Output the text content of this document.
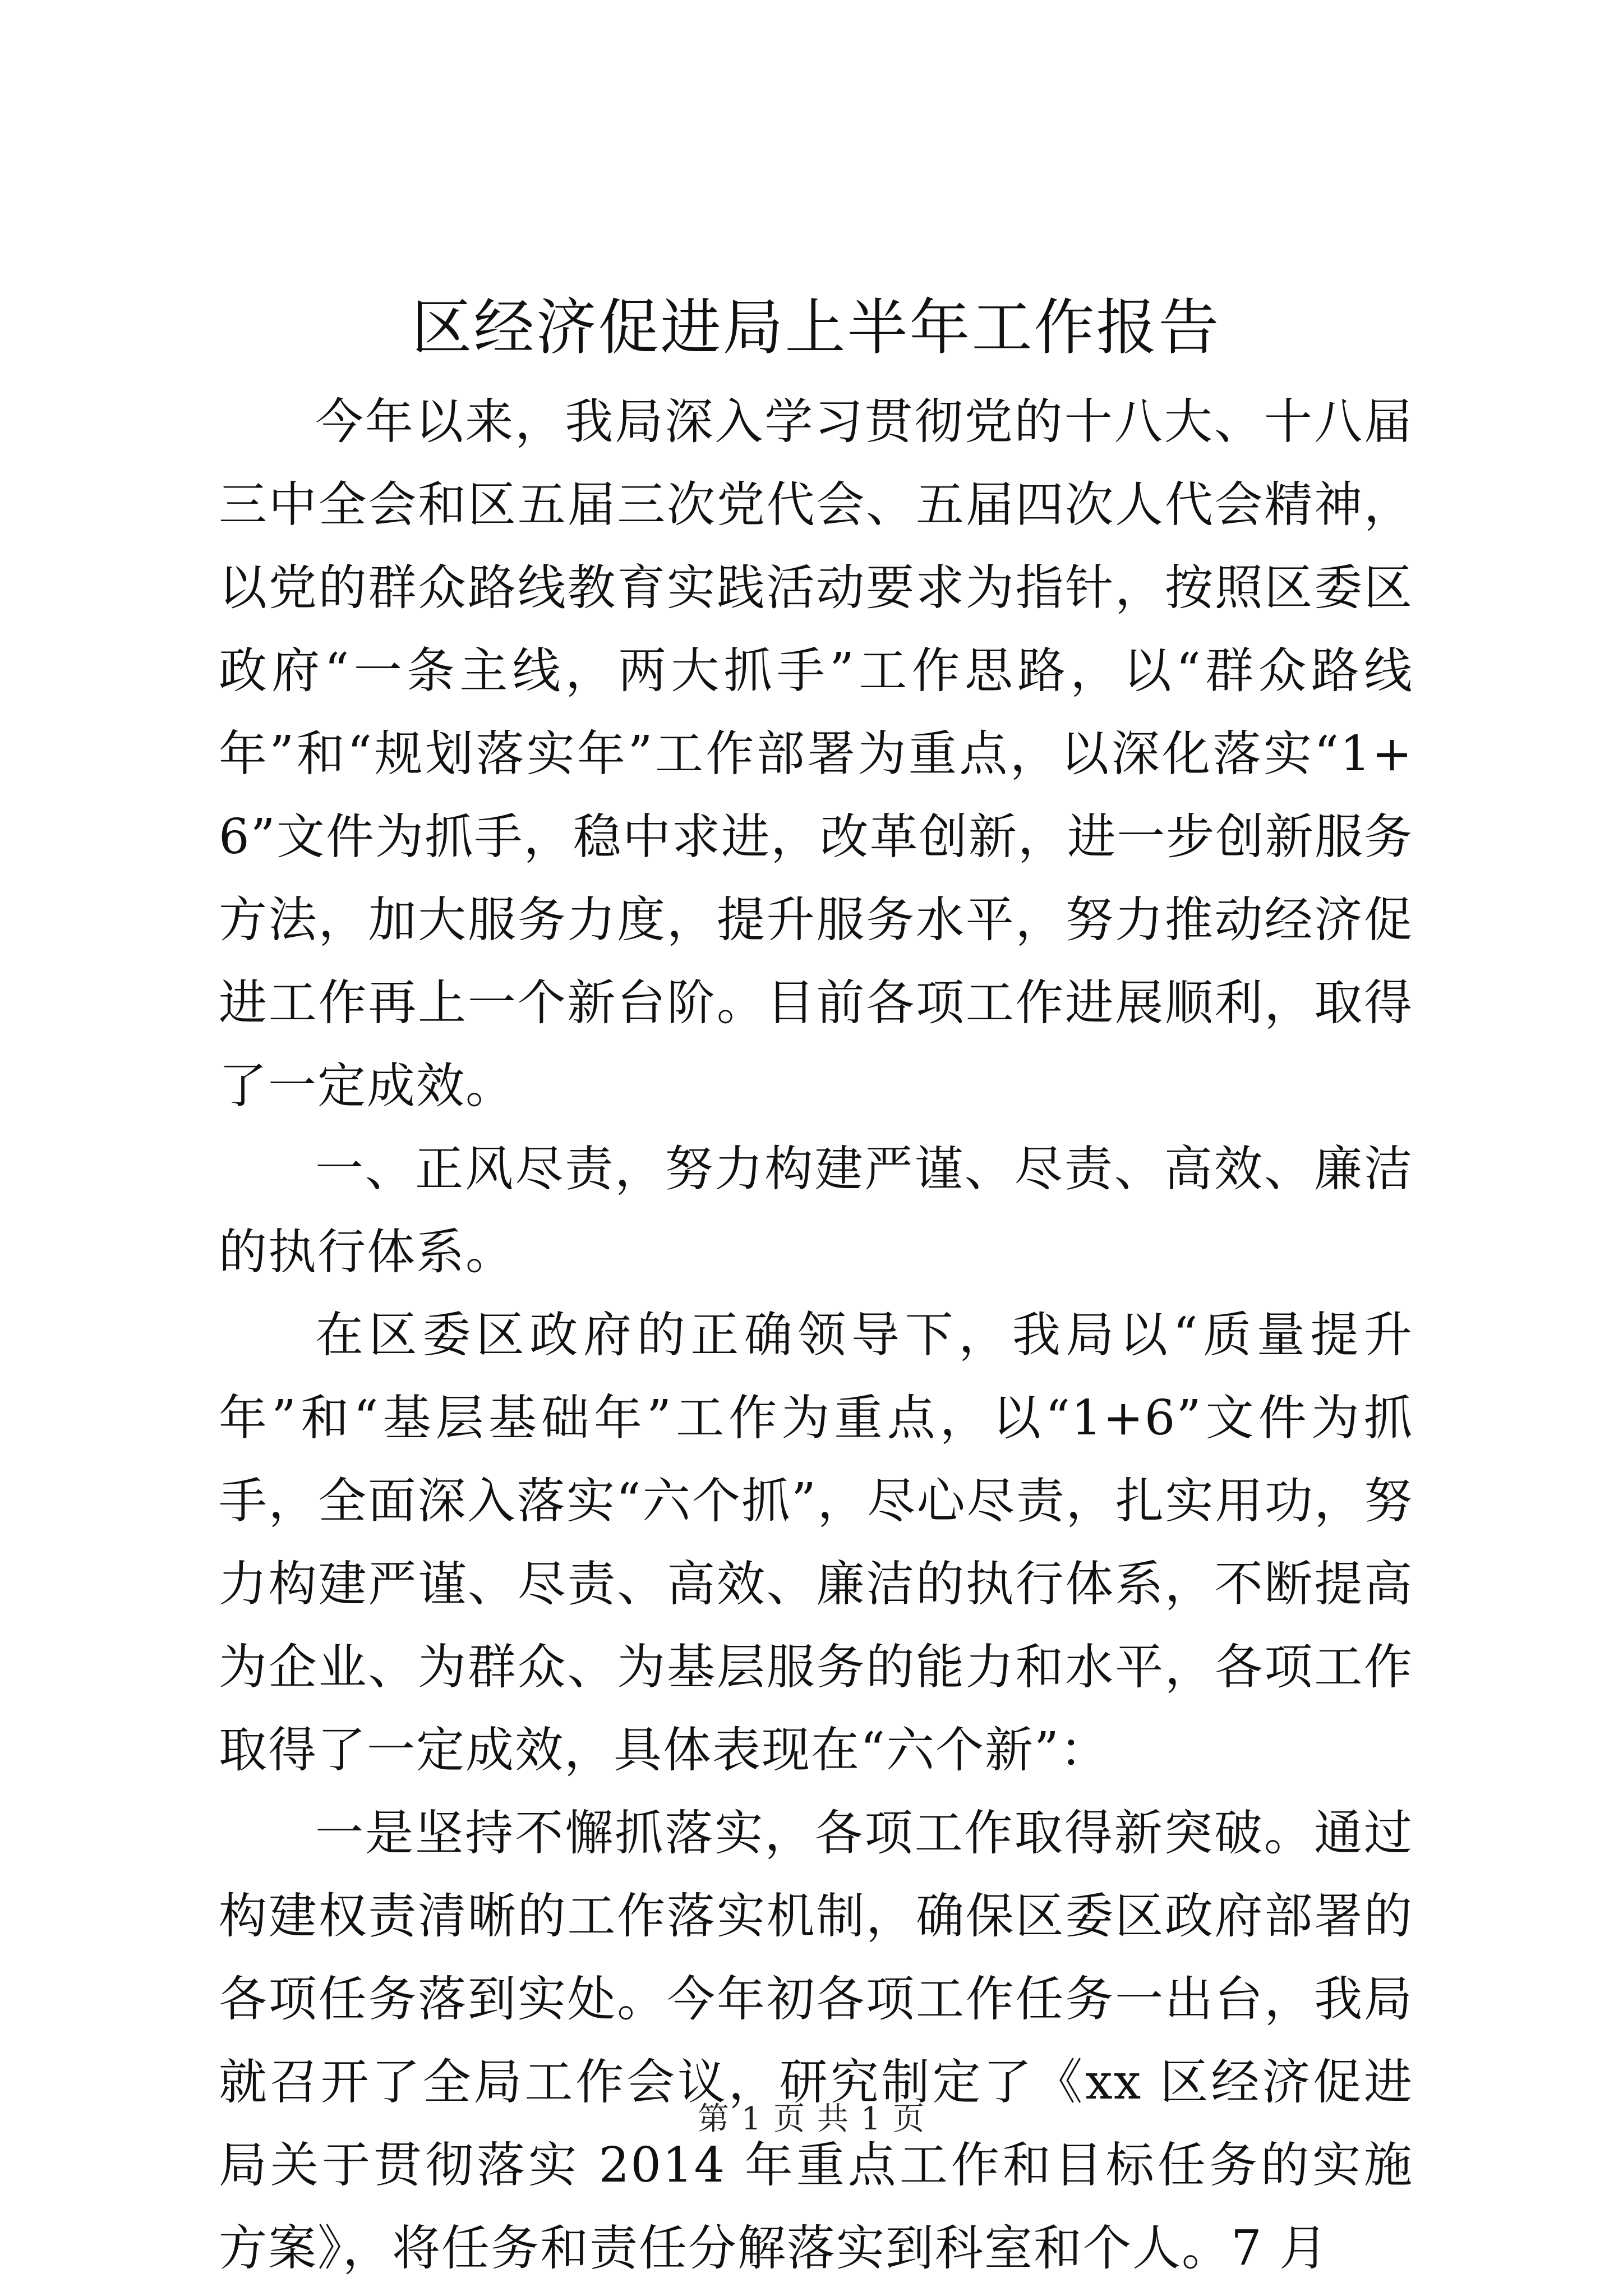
区经济促进局上半年工作报告

今年以来，我局深入学习贯彻党的十八大、十八届三中全会和区五届三次党代会、五届四次人代会精神，以党的群众路线教育实践活动要求为指针，按照区委区政府“一条主线，两大抓手”工作思路，以“群众路线年”和“规划落实年”工作部署为重点，以深化落实“1+6”文件为抓手，稳中求进，改革创新，进一步创新服务方法，加大服务力度，提升服务水平，努力推动经济促进工作再上一个新台阶。目前各项工作进展顺利，取得了一定成效。

一、正风尽责，努力构建严谨、尽责、高效、廉洁的执行体系。

在区委区政府的正确领导下，我局以“质量提升年”和“基层基础年”工作为重点，以“1+6”文件为抓手，全面深入落实“六个抓”，尽心尽责，扎实用功，努力构建严谨、尽责、高效、廉洁的执行体系，不断提高为企业、为群众、为基层服务的能力和水平，各项工作取得了一定成效，具体表现在“六个新”：

一是坚持不懈抓落实，各项工作取得新突破。通过构建权责清晰的工作落实机制，确保区委区政府部署的各项任务落到实处。今年初各项工作任务一出台，我局就召开了全局工作会议，研究制定了《xx 区经济促进局关于贯彻落实 2014 年重点工作和目标任务的实施方案》，将任务和责任分解落实到科室和个人。7 月

第 1 页 共 1 页
